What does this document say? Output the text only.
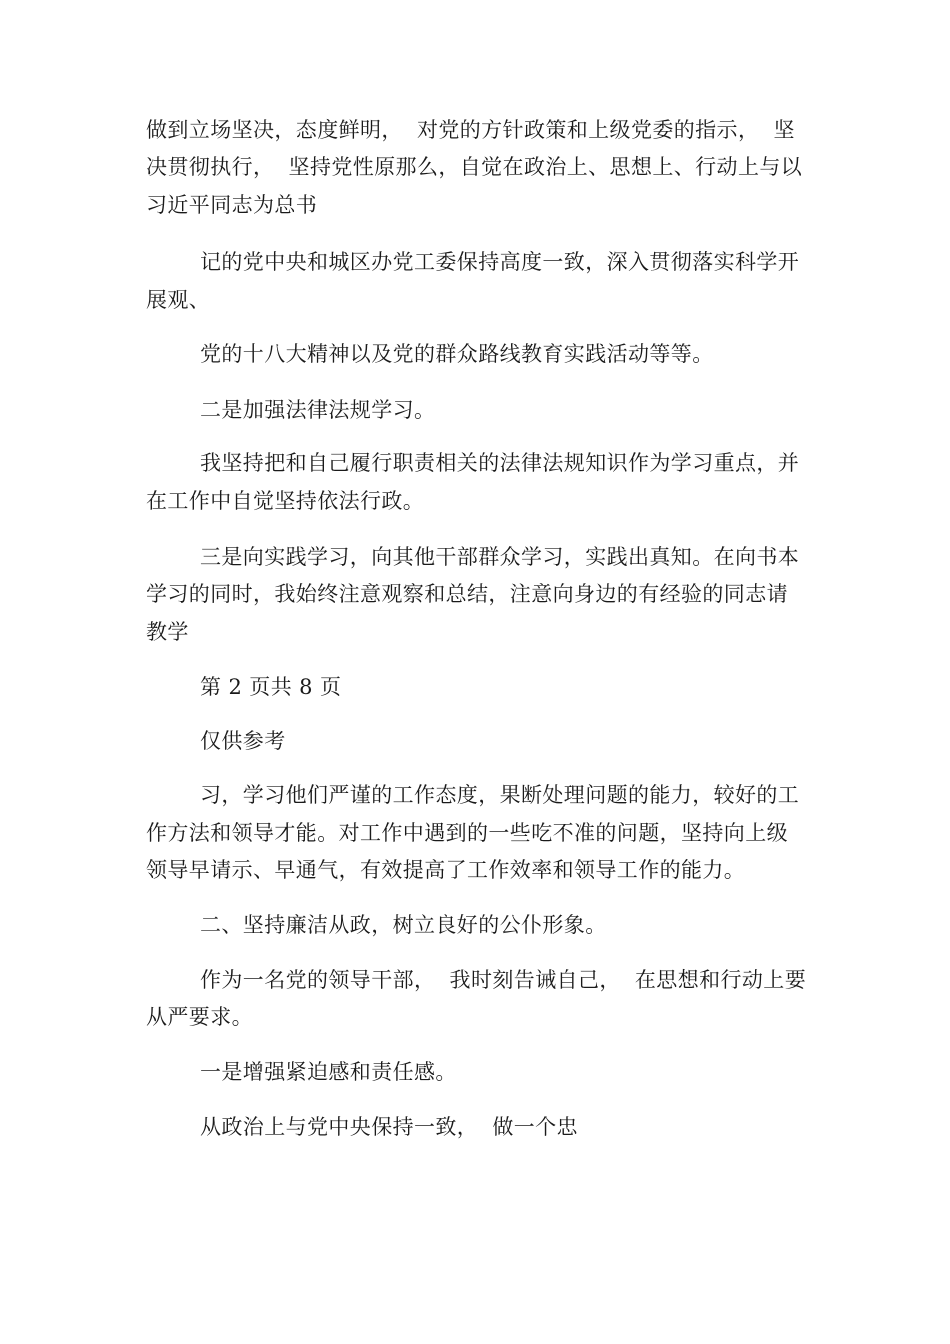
做到立场坚决，态度鲜明，  对党的方针政策和上级党委的指示，  坚

决贯彻执行，  坚持党性原那么，自觉在政治上、思想上、行动上与以

习近平同志为总书

记的党中央和城区办党工委保持高度一致，深入贯彻落实科学开

展观、

党的十八大精神以及党的群众路线教育实践活动等等。

二是加强法律法规学习。

我坚持把和自己履行职责相关的法律法规知识作为学习重点，并

在工作中自觉坚持依法行政。

三是向实践学习，向其他干部群众学习，实践出真知。在向书本

学习的同时，我始终注意观察和总结，注意向身边的有经验的同志请

教学

第 2 页共 8 页

仅供参考

习，学习他们严谨的工作态度，果断处理问题的能力，较好的工

作方法和领导才能。对工作中遇到的一些吃不准的问题，坚持向上级

领导早请示、早通气，有效提高了工作效率和领导工作的能力。

二、坚持廉洁从政，树立良好的公仆形象。

作为一名党的领导干部，  我时刻告诫自己，  在思想和行动上要

从严要求。

一是增强紧迫感和责任感。

从政治上与党中央保持一致，  做一个忠
